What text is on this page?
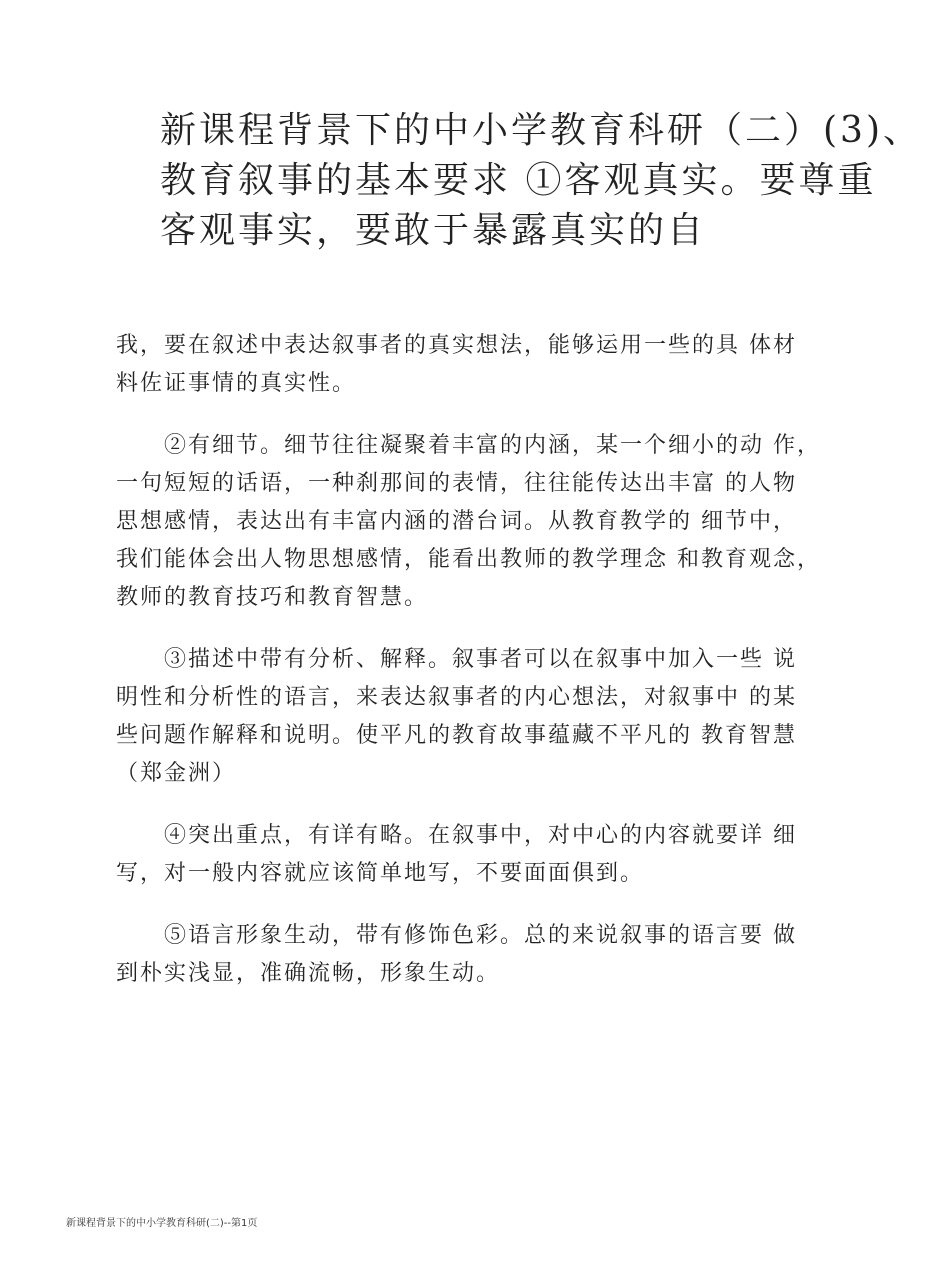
新课程背景下的中小学教育科研（二）(3)、
教育叙事的基本要求 ①客观真实。要尊重
客观事实，要敢于暴露真实的自
我，要在叙述中表达叙事者的真实想法，能够运用一些的具 体材
料佐证事情的真实性。
　　②有细节。细节往往凝聚着丰富的内涵，某一个细小的动 作，
一句短短的话语，一种刹那间的表情，往往能传达出丰富 的人物
思想感情，表达出有丰富内涵的潜台词。从教育教学的 细节中，
我们能体会出人物思想感情，能看出教师的教学理念 和教育观念，
教师的教育技巧和教育智慧。
　　③描述中带有分析、解释。叙事者可以在叙事中加入一些 说
明性和分析性的语言，来表达叙事者的内心想法，对叙事中 的某
些问题作解释和说明。使平凡的教育故事蕴藏不平凡的 教育智慧
（郑金洲）
　　④突出重点，有详有略。在叙事中，对中心的内容就要详 细
写，对一般内容就应该简单地写，不要面面俱到。
　　⑤语言形象生动，带有修饰色彩。总的来说叙事的语言要 做
到朴实浅显，准确流畅，形象生动。
新课程背景下的中小学教育科研(二)--第1页
